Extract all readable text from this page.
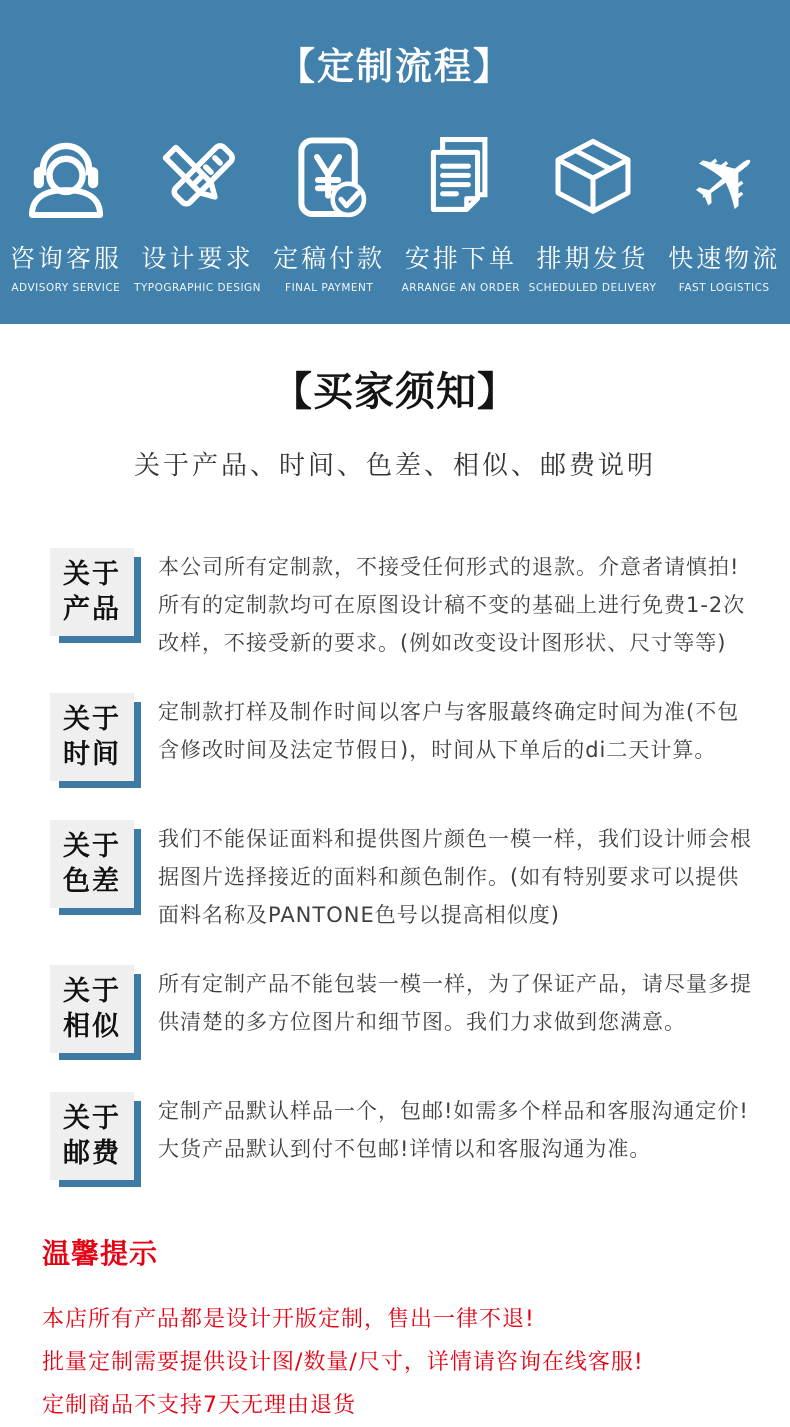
【定制流程】
咨询客服
ADVISORY SERVICE
设计要求
TYPOGRAPHIC DESIGN
定稿付款
FINAL PAYMENT
安排下单
ARRANGE AN ORDER
排期发货
SCHEDULED DELIVERY
✈
快速物流
FAST LOGISTICS
【买家须知】

关于产品、时间、色差、相似、邮费说明

关于
产品
本公司所有定制款，不接受任何形式的退款。介意者请慎拍!所有的定制款均可在原图设计稿不变的基础上进行免费1-2次改样，不接受新的要求。(例如改变设计图形状、尺寸等等)
关于
时间
定制款打样及制作时间以客户与客服蕞终确定时间为准(不包含修改时间及法定节假日)，时间从下单后的di二天计算。
关于
色差
我们不能保证面料和提供图片颜色一模一样，我们设计师会根据图片选择接近的面料和颜色制作。(如有特别要求可以提供面料名称及PANTONE色号以提高相似度)
关于
相似
所有定制产品不能包装一模一样，为了保证产品，请尽量多提供清楚的多方位图片和细节图。我们力求做到您满意。
关于
邮费
定制产品默认样品一个，包邮!如需多个样品和客服沟通定价!大货产品默认到付不包邮!详情以和客服沟通为准。
温馨提示

本店所有产品都是设计开版定制，售出一律不退!

批量定制需要提供设计图/数量/尺寸，详情请咨询在线客服!

定制商品不支持7天无理由退货
